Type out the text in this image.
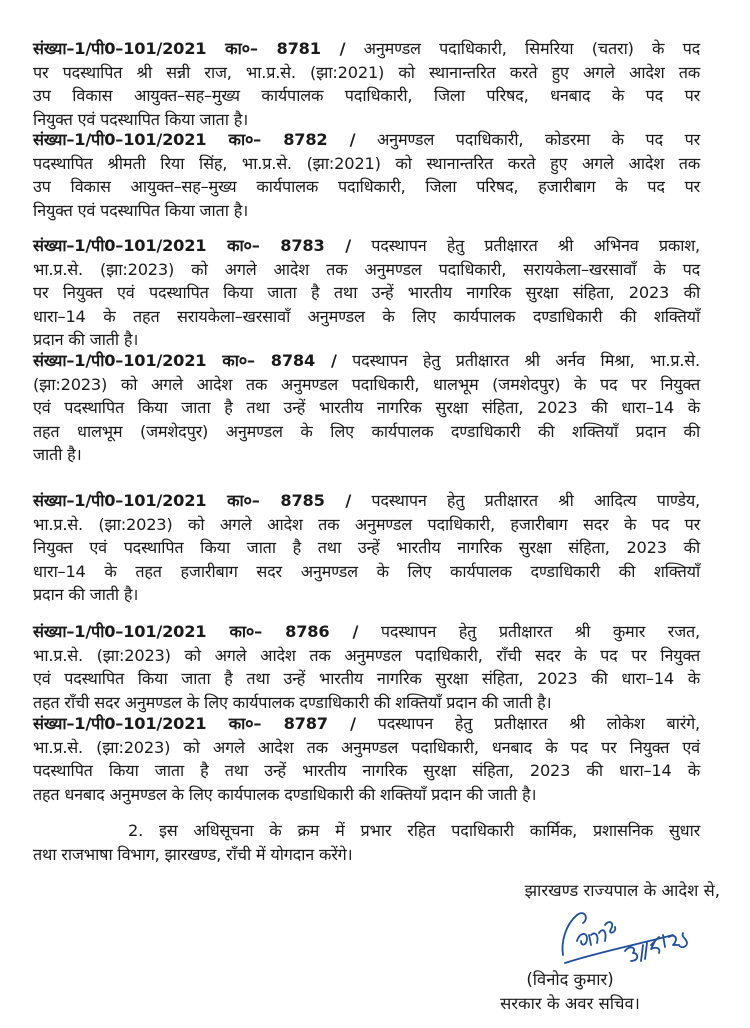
संख्या–1/पी0–101/2021 का०– 8781 / अनुमण्डल पदाधिकारी, सिमरिया (चतरा) के पद
पर पदस्थापित श्री सन्नी राज, भा.प्र.से. (झा:2021) को स्थानान्तरित करते हुए अगले आदेश तक
उप विकास आयुक्त–सह–मुख्य कार्यपालक पदाधिकारी, जिला परिषद, धनबाद के पद पर
नियुक्त एवं पदस्थापित किया जाता है।
संख्या–1/पी0–101/2021 का०– 8782 / अनुमण्डल पदाधिकारी, कोडरमा के पद पर
पदस्थापित श्रीमती रिया सिंह, भा.प्र.से. (झा:2021) को स्थानान्तरित करते हुए अगले आदेश तक
उप विकास आयुक्त–सह–मुख्य कार्यपालक पदाधिकारी, जिला परिषद, हजारीबाग के पद पर
नियुक्त एवं पदस्थापित किया जाता है।
संख्या–1/पी0–101/2021 का०– 8783 / पदस्थापन हेतु प्रतीक्षारत श्री अभिनव प्रकाश,
भा.प्र.से. (झा:2023) को अगले आदेश तक अनुमण्डल पदाधिकारी, सरायकेला–खरसावाँ के पद
पर नियुक्त एवं पदस्थापित किया जाता है तथा उन्हें भारतीय नागरिक सुरक्षा संहिता, 2023 की
धारा–14 के तहत सरायकेला–खरसावाँ अनुमण्डल के लिए कार्यपालक दण्डाधिकारी की शक्तियाँ
प्रदान की जाती है।
संख्या–1/पी0–101/2021 का०– 8784 / पदस्थापन हेतु प्रतीक्षारत श्री अर्नव मिश्रा, भा.प्र.से.
(झा:2023) को अगले आदेश तक अनुमण्डल पदाधिकारी, धालभूम (जमशेदपुर) के पद पर नियुक्त
एवं पदस्थापित किया जाता है तथा उन्हें भारतीय नागरिक सुरक्षा संहिता, 2023 की धारा–14 के
तहत धालभूम (जमशेदपुर) अनुमण्डल के लिए कार्यपालक दण्डाधिकारी की शक्तियाँ प्रदान की
जाती है।
संख्या–1/पी0–101/2021 का०– 8785 / पदस्थापन हेतु प्रतीक्षारत श्री आदित्य पाण्डेय,
भा.प्र.से. (झा:2023) को अगले आदेश तक अनुमण्डल पदाधिकारी, हजारीबाग सदर के पद पर
नियुक्त एवं पदस्थापित किया जाता है तथा उन्हें भारतीय नागरिक सुरक्षा संहिता, 2023 की
धारा–14 के तहत हजारीबाग सदर अनुमण्डल के लिए कार्यपालक दण्डाधिकारी की शक्तियाँ
प्रदान की जाती है।
संख्या–1/पी0–101/2021 का०– 8786 / पदस्थापन हेतु प्रतीक्षारत श्री कुमार रजत,
भा.प्र.से. (झा:2023) को अगले आदेश तक अनुमण्डल पदाधिकारी, राँची सदर के पद पर नियुक्त
एवं पदस्थापित किया जाता है तथा उन्हें भारतीय नागरिक सुरक्षा संहिता, 2023 की धारा–14 के
तहत राँची सदर अनुमण्डल के लिए कार्यपालक दण्डाधिकारी की शक्तियाँ प्रदान की जाती है।
संख्या–1/पी0–101/2021 का०– 8787 / पदस्थापन हेतु प्रतीक्षारत श्री लोकेश बारंगे,
भा.प्र.से. (झा:2023) को अगले आदेश तक अनुमण्डल पदाधिकारी, धनबाद के पद पर नियुक्त एवं
पदस्थापित किया जाता है तथा उन्हें भारतीय नागरिक सुरक्षा संहिता, 2023 की धारा–14 के
तहत धनबाद अनुमण्डल के लिए कार्यपालक दण्डाधिकारी की शक्तियाँ प्रदान की जाती है।
2. इस अधिसूचना के क्रम में प्रभार रहित पदाधिकारी कार्मिक, प्रशासनिक सुधार
तथा राजभाषा विभाग, झारखण्ड, राँची में योगदान करेंगे।
झारखण्ड राज्यपाल के आदेश से,
(विनोद कुमार)
सरकार के अवर सचिव।
